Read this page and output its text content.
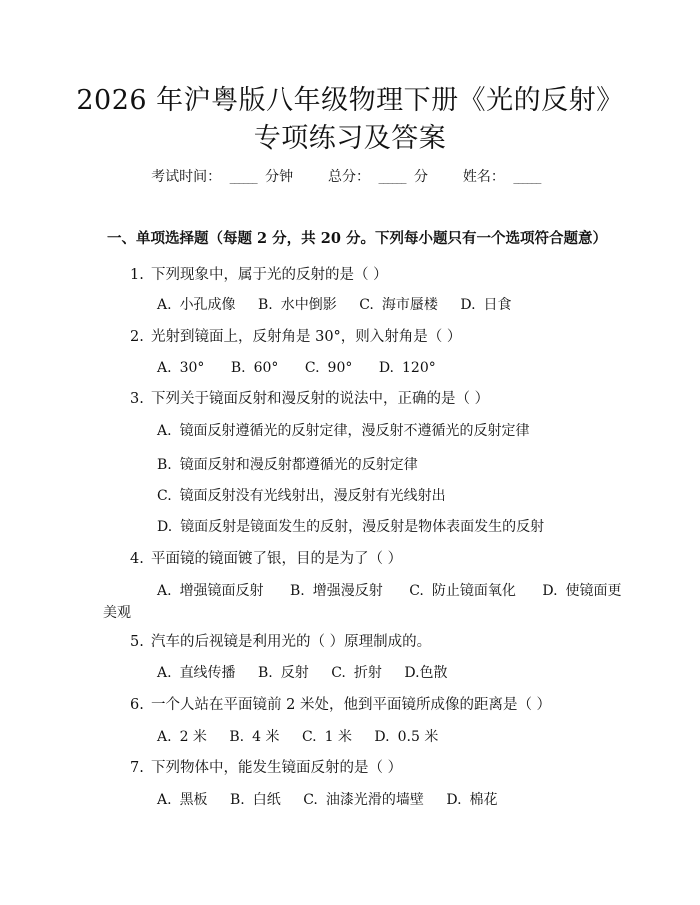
2026 年沪粤版八年级物理下册《光的反射》
专项练习及答案
考试时间： ______ 分钟 总分： ______ 分 姓名： ______
一、单项选择题（每题 2 分，共 20 分。下列每小题只有一个选项符合题意）
1. 下列现象中，属于光的反射的是（ ）
A. 小孔成像 B. 水中倒影 C. 海市蜃楼 D. 日食
2. 光射到镜面上，反射角是 30°，则入射角是（ ）
A. 30° B. 60° C. 90° D. 120°
3. 下列关于镜面反射和漫反射的说法中，正确的是（ ）
A. 镜面反射遵循光的反射定律，漫反射不遵循光的反射定律
B. 镜面反射和漫反射都遵循光的反射定律
C. 镜面反射没有光线射出，漫反射有光线射出
D. 镜面反射是镜面发生的反射，漫反射是物体表面发生的反射
4. 平面镜的镜面镀了银，目的是为了（ ）
A. 增强镜面反射 B. 增强漫反射 C. 防止镜面氧化 D. 使镜面更
美观
5. 汽车的后视镜是利用光的（ ）原理制成的。
A. 直线传播 B. 反射 C. 折射 D.色散
6. 一个人站在平面镜前 2 米处，他到平面镜所成像的距离是（ ）
A. 2 米 B. 4 米 C. 1 米 D. 0.5 米
7. 下列物体中，能发生镜面反射的是（ ）
A. 黑板 B. 白纸 C. 油漆光滑的墙壁 D. 棉花
